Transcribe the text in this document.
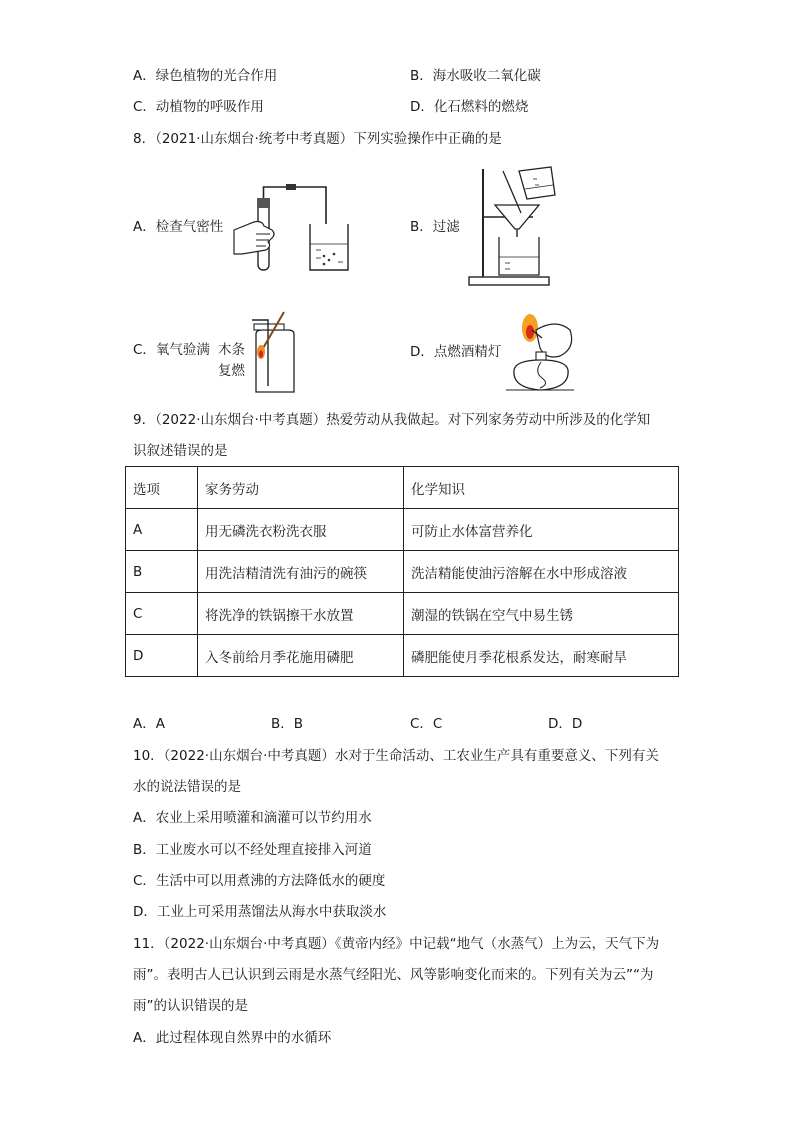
A．绿色植物的光合作用	B．海水吸收二氧化碳
C．动植物的呼吸作用	D．化石燃料的燃烧
8．（2021·山东烟台·统考中考真题）下列实验操作中正确的是
A．检查气密性	B．过滤
C．氧气验满 木条
复燃
D．点燃酒精灯
9．（2022·山东烟台·中考真题）热爱劳动从我做起。对下列家务劳动中所涉及的化学知
识叙述错误的是
选项	家务劳动	化学知识
A	用无磷洗衣粉洗衣服	可防止水体富营养化
B	用洗洁精清洗有油污的碗筷	洗洁精能使油污溶解在水中形成溶液
C	将洗净的铁锅擦干水放置	潮湿的铁锅在空气中易生锈
D	入冬前给月季花施用磷肥	磷肥能使月季花根系发达，耐寒耐旱
A．A	B．B	C．C	D．D
10．（2022·山东烟台·中考真题）水对于生命活动、工农业生产具有重要意义、下列有关
水的说法错误的是
A．农业上采用喷灌和滴灌可以节约用水
B．工业废水可以不经处理直接排入河道
C．生活中可以用煮沸的方法降低水的硬度
D．工业上可采用蒸馏法从海水中获取淡水
11．（2022·山东烟台·中考真题）《黄帝内经》中记载“地气（水蒸气）上为云，天气下为
雨”。表明古人已认识到云雨是水蒸气经阳光、风等影响变化而来的。下列有关为云”“为
雨”的认识错误的是
A．此过程体现自然界中的水循环
